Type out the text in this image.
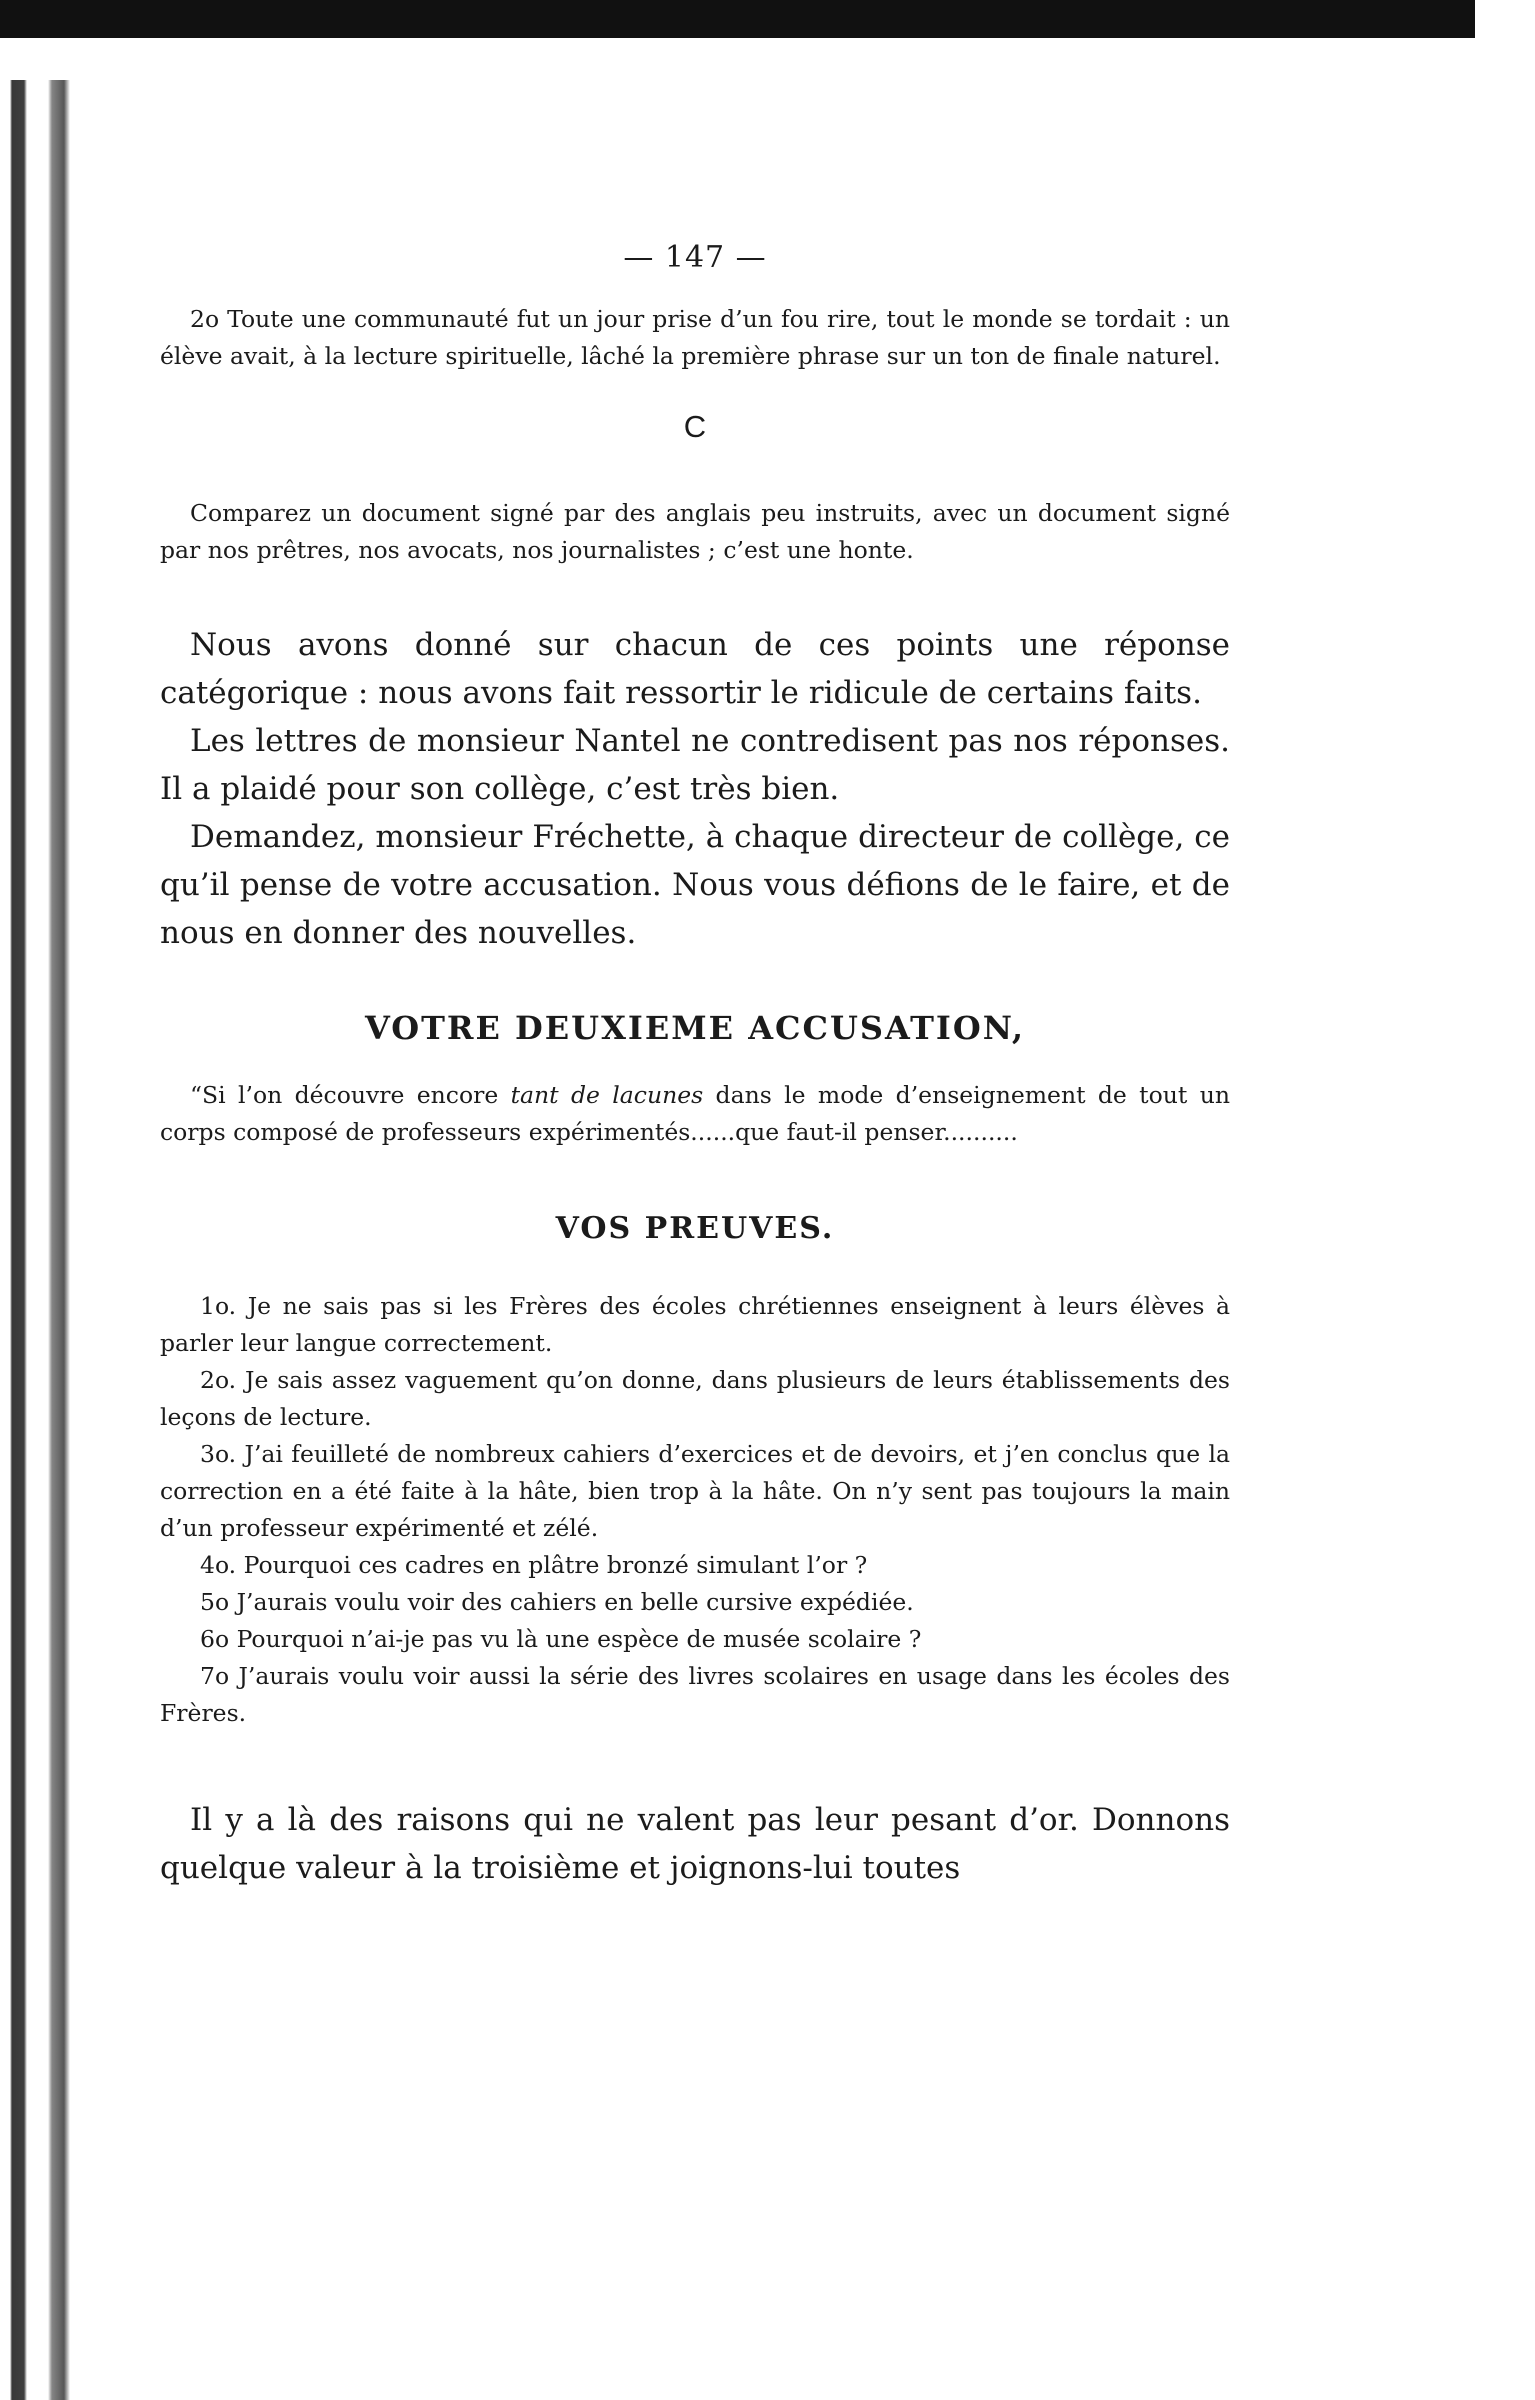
— 147 —

2o Toute une communauté fut un jour prise d’un fou rire, tout le monde se tordait : un élève avait, à la lecture spirituelle, lâché la première phrase sur un ton de finale naturel.

C

Comparez un document signé par des anglais peu instruits, avec un document signé par nos prêtres, nos avocats, nos journalistes ; c’est une honte.

Nous avons donné sur chacun de ces points une réponse catégorique : nous avons fait ressortir le ridicule de certains faits.

Les lettres de monsieur Nantel ne contredisent pas nos réponses. Il a plaidé pour son collège, c’est très bien.

Demandez, monsieur Fréchette, à chaque directeur de collège, ce qu’il pense de votre accusation. Nous vous défions de le faire, et de nous en donner des nouvelles.

VOTRE DEUXIEME ACCUSATION,

“Si l’on découvre encore tant de lacunes dans le mode d’enseignement de tout un corps composé de professeurs expérimentés......que faut-il penser..........

VOS PREUVES.

1o. Je ne sais pas si les Frères des écoles chrétiennes enseignent à leurs élèves à parler leur langue correctement.

2o. Je sais assez vaguement qu’on donne, dans plusieurs de leurs établissements des leçons de lecture.

3o. J’ai feuilleté de nombreux cahiers d’exercices et de devoirs, et j’en conclus que la correction en a été faite à la hâte, bien trop à la hâte. On n’y sent pas toujours la main d’un professeur expérimenté et zélé.

4o. Pourquoi ces cadres en plâtre bronzé simulant l’or ?

5o J’aurais voulu voir des cahiers en belle cursive expédiée.

6o Pourquoi n’ai-je pas vu là une espèce de musée scolaire ?

7o J’aurais voulu voir aussi la série des livres scolaires en usage dans les écoles des Frères.

Il y a là des raisons qui ne valent pas leur pesant d’or. Donnons quelque valeur à la troisième et joignons-lui toutes
